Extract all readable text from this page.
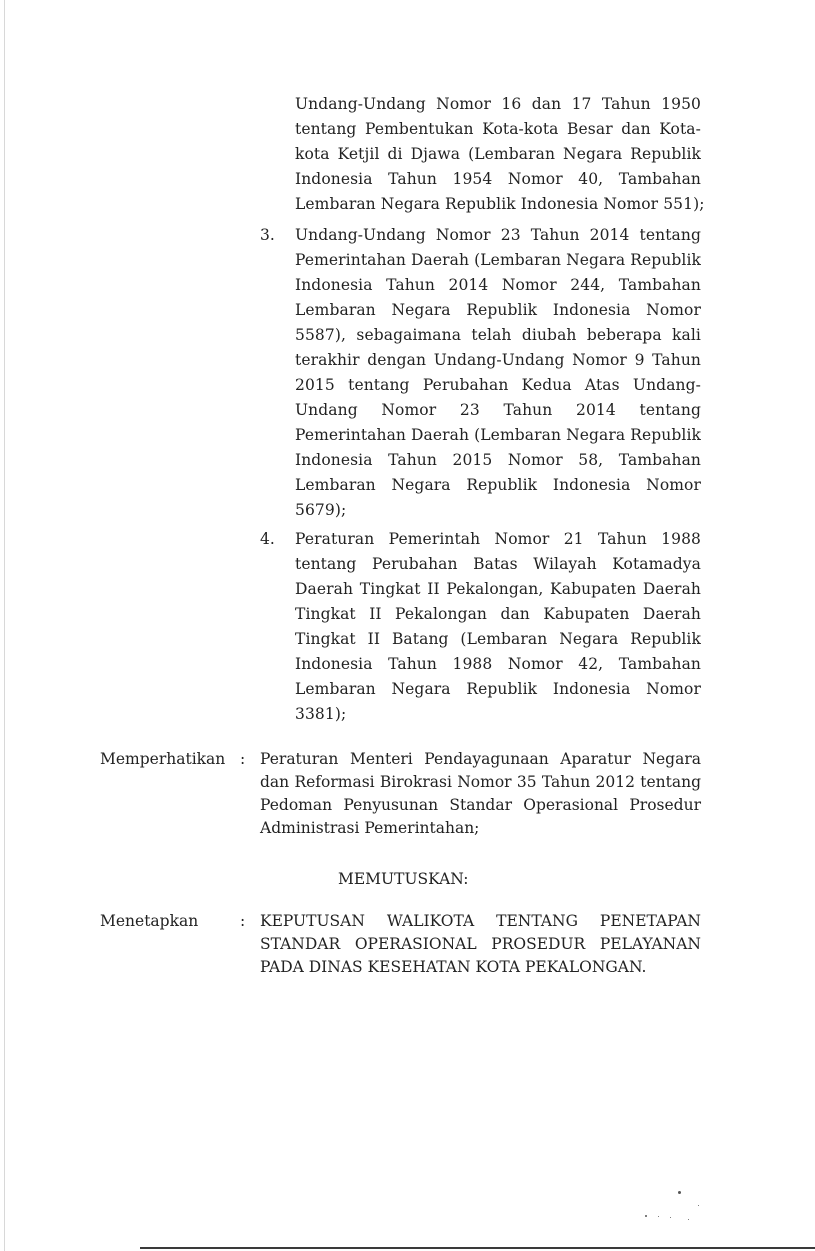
Undang-Undang Nomor 16 dan 17 Tahun 1950
tentang Pembentukan Kota-kota Besar dan Kota-
kota Ketjil di Djawa (Lembaran Negara Republik
Indonesia Tahun 1954 Nomor 40, Tambahan
Lembaran Negara Republik Indonesia Nomor 551);
3. Undang-Undang Nomor 23 Tahun 2014 tentang
Pemerintahan Daerah (Lembaran Negara Republik
Indonesia Tahun 2014 Nomor 244, Tambahan
Lembaran Negara Republik Indonesia Nomor
5587), sebagaimana telah diubah beberapa kali
terakhir dengan Undang-Undang Nomor 9 Tahun
2015 tentang Perubahan Kedua Atas Undang-
Undang Nomor 23 Tahun 2014 tentang
Pemerintahan Daerah (Lembaran Negara Republik
Indonesia Tahun 2015 Nomor 58, Tambahan
Lembaran Negara Republik Indonesia Nomor
5679);
4. Peraturan Pemerintah Nomor 21 Tahun 1988
tentang Perubahan Batas Wilayah Kotamadya
Daerah Tingkat II Pekalongan, Kabupaten Daerah
Tingkat II Pekalongan dan Kabupaten Daerah
Tingkat II Batang (Lembaran Negara Republik
Indonesia Tahun 1988 Nomor 42, Tambahan
Lembaran Negara Republik Indonesia Nomor
3381);
Memperhatikan : Peraturan Menteri Pendayagunaan Aparatur Negara
dan Reformasi Birokrasi Nomor 35 Tahun 2012 tentang
Pedoman Penyusunan Standar Operasional Prosedur
Administrasi Pemerintahan;
MEMUTUSKAN:
Menetapkan	: KEPUTUSAN WALIKOTA TENTANG PENETAPAN
STANDAR OPERASIONAL PROSEDUR PELAYANAN
PADA DINAS KESEHATAN KOTA PEKALONGAN.
